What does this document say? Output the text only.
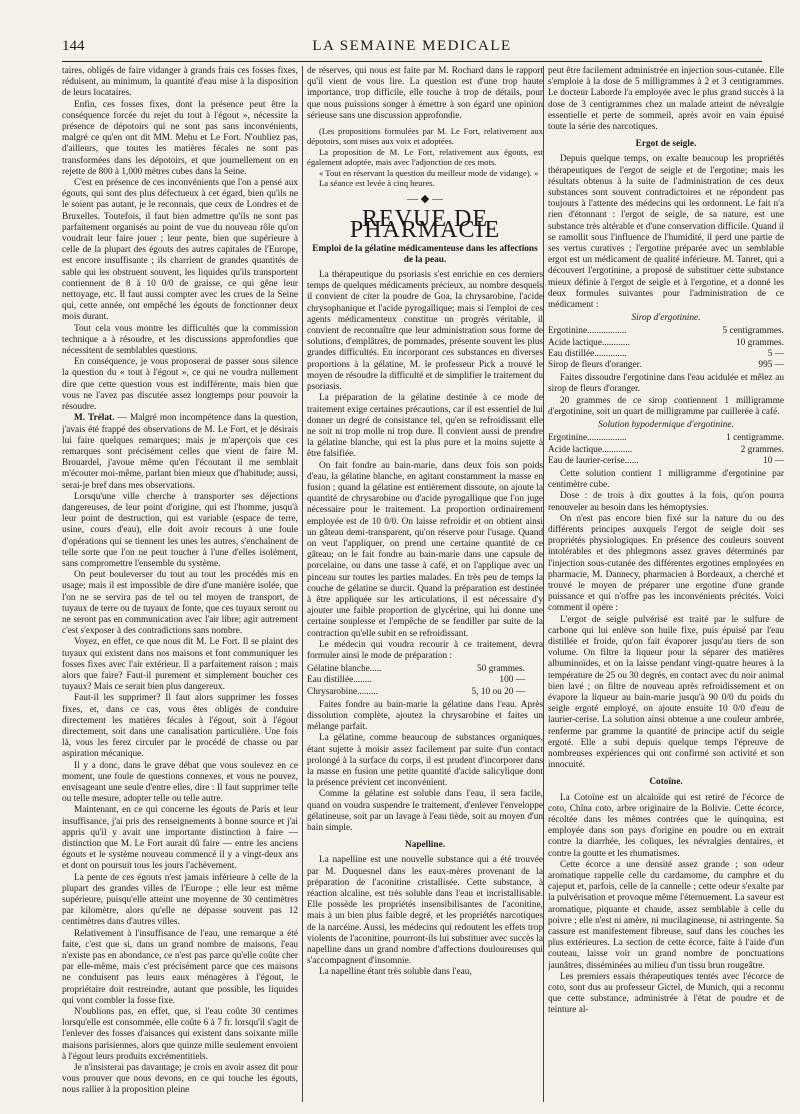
144	LA SEMAINE MEDICALE

taires, obligés de faire vidanger à grands frais ces fosses fixes, réduisent, au minimum, la quantité d'eau mise à la disposition de leurs locataires.

Enfin, ces fosses fixes, dont la présence peut être la conséquence forcée du rejet du tout à l'égout », nécessite la présence de dépotoirs qui ne sont pas sans inconvénients, malgré ce qu'en ont dit MM. Mehu et Le Fort. N'oubliez pas, d'ailleurs, que toutes les matières fécales ne sont pas transformées dans les dépotoirs, et que journellement on en rejette de 800 à 1,000 mètres cubes dans la Seine.

C'est en présence de ces inconvénients que l'on a pensé aux égouts, qui sont des plus défectueux à cet égard, bien qu'ils ne le soient pas autant, je le reconnais, que ceux de Londres et de Bruxelles. Toutefois, il faut bien admettre qu'ils ne sont pas parfaitement organisés au point de vue du nouveau rôle qu'on voudrait leur faire jouer ; leur pente, bien que supérieure à celle de la plupart des égouts des autres capitales de l'Europe, est encore insuffisante ; ils charrient de grandes quantités de sable qui les obstruent souvent, les liquides qu'ils transportent contiennent de 8 à 10 0/0 de graisse, ce qui gêne leur nettoyage, etc. Il faut aussi compter avec les crues de la Seine qui, cette année, ont empêché les égouts de fonctionner deux mois durant.

Tout cela vous montre les difficultés que la commission technique a à résoudre, et les discussions approfondies que nécessitent de semblables questions.

En conséquence, je vous proposerai de passer sous silence la question du « tout à l'égout », ce qui ne voudra nullement dire que cette question vous est indifférente, mais bien que vous ne l'avez pas discutée assez longtemps pour pouvoir la résoudre.

M. Trélat. — Malgré mon incompétence dans la question, j'avais été frappé des observations de M. Le Fort, et je désirais lui faire quelques remarques; mais je m'aperçois que ces remarques sont précisément celles que vient de faire M. Brouardel, j'avoue même qu'en l'écoutant il me semblait m'écouter moi-même, parlant bien mieux que d'habitude; aussi, serai-je bref dans mes observations.

Lorsqu'une ville cherche à transporter ses déjections dangereuses, de leur point d'origine, qui est l'homme, jusqu'à leur point de destruction, qui est variable (espace de terre, usine, cours d'eau), elle doit avoir recours à une foule d'opérations qui se tiennent les unes les autres, s'enchaînent de telle sorte que l'on ne peut toucher à l'une d'elles isolément, sans compromettre l'ensemble du système.

On peut bouleverser du tout au tout les procédés mis en usage; mais il est impossible de dire d'une manière isolée, que l'on ne se servira pas de tel ou tel moyen de transport, de tuyaux de terre ou de tuyaux de fonte, que ces tuyaux seront ou ne seront pas en communication avec l'air libre; agir autrement c'est s'exposer à des contradictions sans nombre.

Voyez, en effet, ce que nous dit M. Le Fort. Il se plaint des tuyaux qui existent dans nos maisons et font communiquer les fosses fixes avec l'air extérieur. Il a parfaitement raison ; mais alors que faire? Faut-il purement et simplement boucher ces tuyaux? Mais ce serait bien plus dangereux.

Faut-il les supprimer? Il faut alors supprimer les fosses fixes, et, dans ce cas, vous êtes obligés de conduire directement les matières fécales à l'égout, soit à l'égout directement, soit dans une canalisation particulière. Une fois là, vous les ferez circuler par le procédé de chasse ou par aspiration mécanique.

Il y a donc, dans le grave débat que vous soulevez en ce moment, une foule de questions connexes, et vous ne pouvez, envisageant une seule d'entre elles, dire : Il faut supprimer telle ou telle mesure, adopter telle ou telle autre.

Maintenant, en ce qui concerne les égouts de Paris et leur insuffisance, j'ai pris des renseignements à bonne source et j'ai appris qu'il y avait une importante distinction à faire — distinction que M. Le Fort aurait dû faire — entre les anciens égouts et le système nouveau commencé il y a vingt-deux ans et dont on poursuit tous les jours l'achèvement.

La pente de ces égouts n'est jamais inférieure à celle de la plupart des grandes villes de l'Europe ; elle leur est même supérieure, puisqu'elle atteint une moyenne de 30 centimètres par kilomètre, alors qu'elle ne dépasse souvent pas 12 centimètres dans d'autres villes.

Relativement à l'insuffisance de l'eau, une remarque a été faite, c'est que si, dans un grand nombre de maisons, l'eau n'existe pas en abondance, ce n'est pas parce qu'elle coûte cher par elle-même, mais c'est précisément parce que ces maisons ne conduisent pas leurs eaux ménagères à l'égout, le propriétaire doit restreindre, autant que possible, les liquides qui vont combler la fosse fixe.

N'oublions pas, en effet, que, si l'eau coûte 30 centimes lorsqu'elle est consommée, elle coûte 6 à 7 fr. lorsqu'il s'agit de l'enlever des fosses d'aisances qui existent dans soixante mille maisons parisiennes, alors que quinze mille seulement envoient à l'égout leurs produits excrémentitiels.

Je n'insisterai pas davantage; je crois en avoir assez dit pour vous prouver que nous devons, en ce qui touche les égouts, nous rallier à la proposition pleine

de réserves, qui nous est faite par M. Rochard dans le rapport qu'il vient de vous lire. La question est d'une trop haute importance, trop difficile, elle touche à trop de détails, pour que nous puissions songer à émettre à son égard une opinion sérieuse sans une discussion approfondie.

(Les propositions formulées par M. Le Fort, relativement aux dépotoirs, sont mises aux voix et adoptées.

La proposition de M. Le Fort, relativement aux égouts, est également adoptée, mais avec l'adjonction de ces mots.

« Tout en réservant la question du meilleur mode de vidange). »

La séance est levée à cinq heures.

— ◆ —
REVUE DE PHARMACIE
Emploi de la gélatine médicamenteuse dans les affections de la peau.

La thérapeutique du psoriasis s'est enrichie en ces derniers temps de quelques médicaments précieux, au nombre desquels il convient de citer la poudre de Goa, la chrysarobine, l'acide chrysophanique et l'acide pyrogallique; mais si l'emploi de ces agents médicamenteux constitue un progrès véritable, il convient de reconnaître que leur administration sous forme de solutions, d'emplâtres, de pommades, présente souvent les plus grandes difficultés. En incorporant ces substances en diverses proportions à la gélatine, M. le professeur Pick a trouvé le moyen de résoudre la difficulté et de simplifier le traitement du psoriasis.

La préparation de la gélatine destinée à ce mode de traitement exige certaines précautions, car il est essentiel de lui donner un degré de consistance tel, qu'en se refroidissant elle ne soit ni trop molle ni trop dure. Il convient aussi de prendre la gélatine blanche, qui est la plus pure et la moins sujette à être falsifiée.

On fait fondre au bain-marie, dans deux fois son poids d'eau, la gélatine blanche, en agitant constamment la masse en fusion ; quand la gélatine est entièrement dissoute, on ajoute la quantité de chrysarobine ou d'acide pyrogallique que l'on juge nécessaire pour le traitement. La proportion ordinairement employée est de 10 0/0. On laisse refroidir et on obtient ainsi un gâteau demi-transparent, qu'on réserve pour l'usage. Quand on veut l'appliquer, on prend une certaine quantité de ce gâteau; on le fait fondre au bain-marie dans une capsule de porcelaine, ou dans une tasse à café, et on l'applique avec un pinceau sur toutes les parties malades. En très peu de temps la couche de gélatine se durcit. Quand la préparation est destinée à être appliquée sur les articulations, il est nécessaire d'y ajouter une faible proportion de glycérine, qui lui donne une certaine souplesse et l'empêche de se fendiller par suite de la contraction qu'elle subit en se refroidissant.

Le médecin qui voudra recourir à ce traitement, devra formuler ainsi le mode de préparation :

Gélatine blanche.....	50 grammes.
Eau distillée........	100 —
Chrysarobine.........	5, 10 ou 20 —

Faites fondre au bain-marie la gélatine dans l'eau. Après dissolution complète, ajoutez la chrysarobine et faites un mélange parfait.

La gélatine, comme beaucoup de substances organiques, étant sujette à moisir assez facilement par suite d'un contact prolongé à la surface du corps, il est prudent d'incorporer dans la masse en fusion une petite quantité d'acide salicylique dont la présence prévient cet inconvénient.

Comme la gélatine est soluble dans l'eau, il sera facile, quand on voudra suspendre le traitement, d'enlever l'enveloppe gélatineuse, soit par un lavage à l'eau tiède, soit au moyen d'un bain simple.

Napelline.

La napelline est une nouvelle substance qui a été trouvée par M. Duquesnel dans les eaux-mères provenant de la préparation de l'aconitine cristallisée. Cette substance, à réaction alcaline, est très soluble dans l'eau et incristallisable. Elle possède les propriétés insensibilisantes de l'aconitine, mais à un bien plus faible degré, et les propriétés narcotiques de la narcéine. Aussi, les médecins qui redoutent les effets trop violents de l'aconitine, pourront-ils lui substituer avec succès la napelline dans un grand nombre d'affections douloureuses qui s'accompagnent d'insomnie.

La napelline étant très soluble dans l'eau,

peut être facilement administrée en injection sous-cutanée. Elle s'emploie à la dose de 5 milligrammes à 2 et 3 centigrammes. Le docteur Laborde l'a employée avec le plus grand succès à la dose de 3 centigrammes chez un malade atteint de névralgie essentielle et perte de sommeil, après avoir en vain épuisé toute la série des narcotiques.

Ergot de seigle.

Depuis quelque temps, on exalte beaucoup les propriétés thérapeutiques de l'ergot de seigle et de l'ergotine; mais les résultats obtenus à la suite de l'administration de ces deux substances sont souvent contradictoires et ne répondent pas toujours à l'attente des médecins qui les ordonnent. Le fait n'a rien d'étonnant : l'ergot de seigle, de sa nature, est une substance très altérable et d'une conservation difficile. Quand il se ramollit sous l'influence de l'humidité, il perd une partie de ses vertus curatives ; l'ergotine préparée avec un semblable ergot est un médicament de qualité inférieure. M. Tanret, qui a découvert l'ergotinine, a proposé de substituer cette substance mieux définie à l'ergot de seigle et à l'ergotine, et a donné les deux formules suivantes pour l'administration de ce médicament :

Sirop d'ergotinine.
Ergotinine.................	5 centigrammes.
Acide lactique............	10 grammes.
Eau distillée..............	5 —
Sirop de fleurs d'oranger.	995 —

Faites dissoudre l'ergotinine dans l'eau acidulée et mêlez au sirop de fleurs d'oranger.

20 grammes de ce sirop contiennent 1 milligramme d'ergotinine, soit un quart de milligramme par cuillerée à café.

Solution hypodermique d'ergotinine.
Ergotinine.................	1 centigramme.
Acide lactique.............	2 grammes.
Eau de laurier-cerise......	10 —

Cette solution contient 1 milligramme d'ergotinine par centimètre cube.

Dose : de trois à dix gouttes à la fois, qu'on pourra renouveler au besoin dans les hémoptysies.

On n'est pas encore bien fixé sur la nature du ou des différents principes auxquels l'ergot de seigle doit ses propriétés physiologiques. En présence des couleurs souvent intolérables et des phlegmons assez graves déterminés par l'injection sous-cutanée des différentes ergotines employées en pharmacie, M. Dannecy, pharmacien à Bordeaux, a cherché et trouvé le moyen de préparer une ergotine d'une grande puissance et qui n'offre pas les inconvénients précités. Voici comment il opère :

L'ergot de seigle pulvérisé est traité par le sulfure de carbone qui lui enlève son huile fixe, puis épuisé par l'eau distillée et froide, qu'on fait évaporer jusqu'au tiers de son volume. On filtre la liqueur pour la séparer des matières albuminoïdes, et on la laisse pendant vingt-quatre heures à la température de 25 ou 30 degrés, en contact avec du noir animal bien lavé ; on filtre de nouveau après refroidissement et on évapore la liqueur au bain-marie jusqu'à 90 0/0 du poids du seigle ergoté employé, on ajoute ensuite 10 0/0 d'eau de laurier-cerise. La solution ainsi obtenue a une couleur ambrée, renferme par gramme la quantité de principe actif du seigle ergoté. Elle a subi depuis quelque temps l'épreuve de nombreuses expériences qui ont confirmé son activité et son innocuité.

Cotoïne.

La Cotoïne est un alcaloïde qui est retiré de l'écorce de coto, Chîna coto, arbre originaire de la Bolivie. Cette écorce, récoltée dans les mêmes contrées que le quinquina, est employée dans son pays d'origine en poudre ou en extrait contre la diarrhée, les coliques, les névralgies dentaires, et contre la goutte et les rhumatismes.

Cette écorce a une densité assez grande ; son odeur aromatique rappelle celle du cardamome, du camphre et du cajeput et, parfois, celle de la cannelle ; cette odeur s'exalte par la pulvérisation et provoque même l'éternuement. La saveur est aromatique, piquante et chaude, assez semblable à celle du poivre ; elle n'est ni amère, ni mucilagineuse, ni astringente. Sa cassure est manifestement fibreuse, sauf dans les couches les plus extérieures. La section de cette écorce, faite à l'aide d'un couteau, laisse voir un grand nombre de ponctuations jaunâtres, disséminées au milieu d'un tissu brun rougeâtre.

Les premiers essais thérapeutiques tentés avec l'écorce de coto, sont dus au professeur Gictel, de Munich, qui a reconnu que cette substance, administrée à l'état de poudre et de teinture al-
